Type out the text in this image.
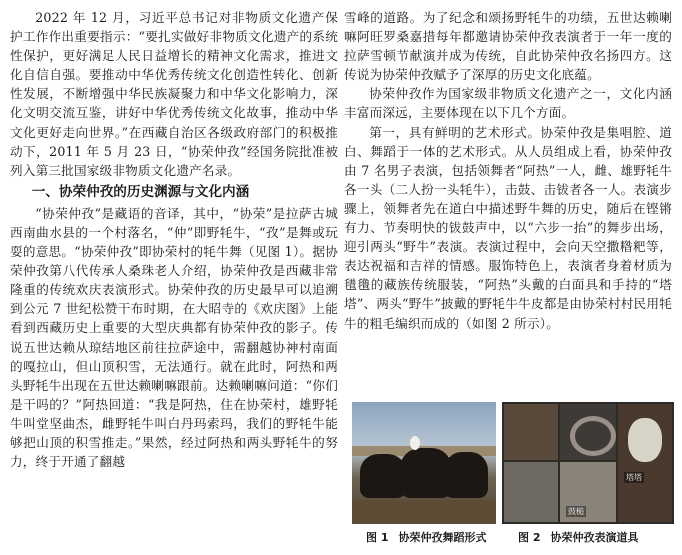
2022 年 12 月，习近平总书记对非物质文化遗产保护工作作出重要指示：“要扎实做好非物质文化遗产的系统性保护，更好满足人民日益增长的精神文化需求，推进文化自信自强。要推动中华优秀传统文化创造性转化、创新性发展，不断增强中华民族凝聚力和中华文化影响力，深化文明交流互鉴，讲好中华优秀传统文化故事，推动中华文化更好走向世界。”在西藏自治区各级政府部门的积极推动下，2011 年 5 月 23 日，“协荣仲孜”经国务院批准被列入第三批国家级非物质文化遗产名录。

一、协荣仲孜的历史渊源与文化内涵

“协荣仲孜”是藏语的音译，其中，“协荣”是拉萨古城西南曲水县的一个村落名，“仲”即野牦牛，“孜”是舞或玩耍的意思。“协荣仲孜”即协荣村的牦牛舞（见图 1）。据协荣仲孜第八代传承人桑珠老人介绍，协荣仲孜是西藏非常隆重的传统欢庆表演形式。协荣仲孜的历史最早可以追溯到公元 7 世纪松赞干布时期，在大昭寺的《欢庆图》上能看到西藏历史上重要的大型庆典都有协荣仲孜的影子。传说五世达赖从琼结地区前往拉萨途中，需翻越协神村南面的嘎拉山，但山顶积雪，无法通行。就在此时，阿热和两头野牦牛出现在五世达赖喇嘛跟前。达赖喇嘛问道：“你们是干吗的？”阿热回道：“我是阿热，住在协荣村，雄野牦牛叫堂坚曲杰，雌野牦牛叫白丹玛索玛，我们的野牦牛能够把山顶的积雪推走。”果然，经过阿热和两头野牦牛的努力，终于开通了翻越

雪峰的道路。为了纪念和颂扬野牦牛的功绩，五世达赖喇嘛阿旺罗桑嘉措每年都邀请协荣仲孜表演者于一年一度的拉萨雪顿节献演并成为传统，自此协荣仲孜名扬四方。这传说为协荣仲孜赋予了深厚的历史文化底蕴。

协荣仲孜作为国家级非物质文化遗产之一，文化内涵丰富而深远，主要体现在以下几个方面。

第一，具有鲜明的艺术形式。协荣仲孜是集唱腔、道白、舞蹈于一体的艺术形式。从人员组成上看，协荣仲孜由 7 名男子表演，包括领舞者“阿热”一人，雌、雄野牦牛各一头（二人扮一头牦牛），击鼓、击钹者各一人。表演步骤上，领舞者先在道白中描述野牛舞的历史，随后在铿锵有力、节奏明快的钹鼓声中，以“六步一抬”的舞步出场，迎引两头“野牛”表演。表演过程中，会向天空撒糌粑等，表达祝福和吉祥的情感。服饰特色上，表演者身着材质为氆氇的藏族传统服装，“阿热”头戴的白面具和手持的“塔塔”、两头“野牛”披戴的野牦牛牛皮都是由协荣村村民用牦牛的粗毛编织而成的（如图 2 所示）。

鼓槌
塔塔
图 1 协荣仲孜舞蹈形式	图 2 协荣仲孜表演道具
